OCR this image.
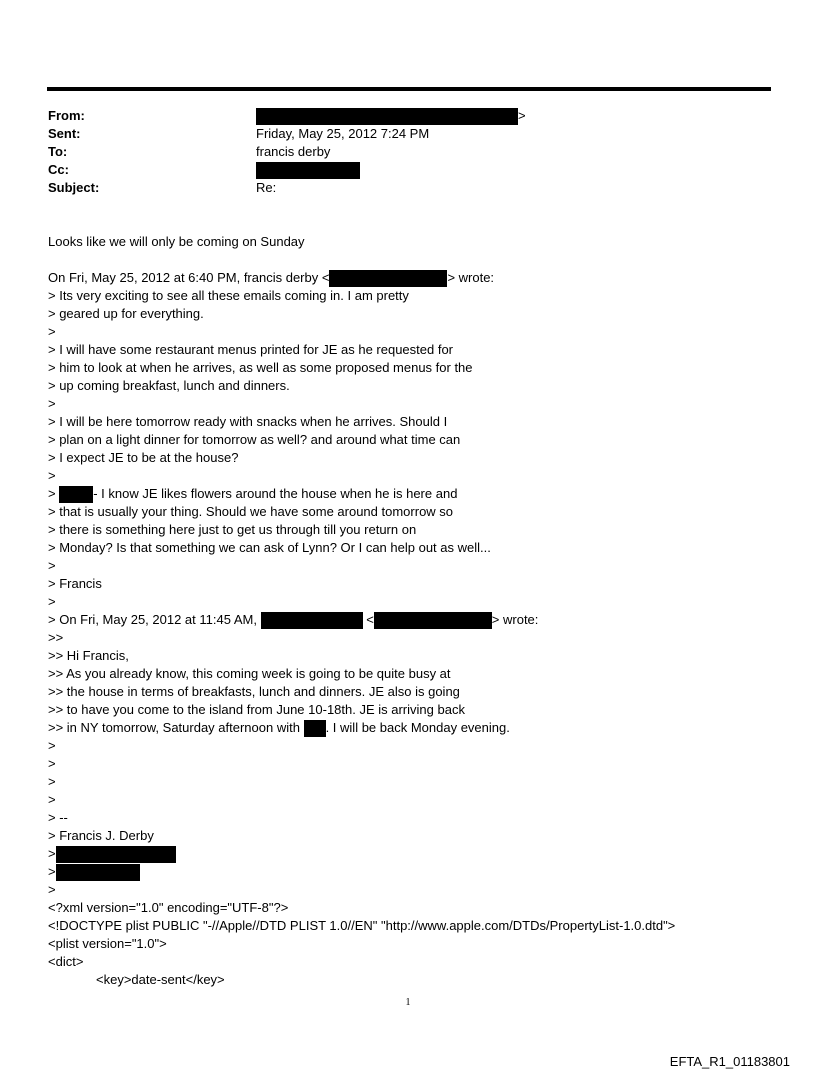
From:	>
Sent:	Friday, May 25, 2012 7:24 PM
To:	francis derby
Cc:
Subject:	Re:
Looks like we will only be coming on Sunday
On Fri, May 25, 2012 at 6:40 PM, francis derby <	> wrote:
> Its very exciting to see all these emails coming in. I am pretty
> geared up for everything.
>
> I will have some restaurant menus printed for JE as he requested for
> him to look at when he arrives, as well as some proposed menus for the
> up coming breakfast, lunch and dinners.
>
> I will be here tomorrow ready with snacks when he arrives. Should I
> plan on a light dinner for tomorrow as well? and around what time can
> I expect JE to be at the house?
>
>	- I know JE likes flowers around the house when he is here and
> that is usually your thing. Should we have some around tomorrow so
> there is something here just to get us through till you return on
> Monday? Is that something we can ask of Lynn? Or I can help out as well...
>
> Francis
>
> On Fri, May 25, 2012 at 11:45 AM,	<	> wrote:
>>
>> Hi Francis,
>> As you already know, this coming week is going to be quite busy at
>> the house in terms of breakfasts, lunch and dinners. JE also is going
>> to have you come to the island from June 10-18th. JE is arriving back
>> in NY tomorrow, Saturday afternoon with . I will be back Monday evening.
>
>
>
>
> --
> Francis J. Derby
>
>
>
<?xml version="1.0" encoding="UTF-8"?>
<!DOCTYPE plist PUBLIC "-//Apple//DTD PLIST 1.0//EN" "http://www.apple.com/DTDs/PropertyList-1.0.dtd">
<plist version="1.0">
<dict>
<key>date-sent</key>
1
EFTA_R1_01183801
